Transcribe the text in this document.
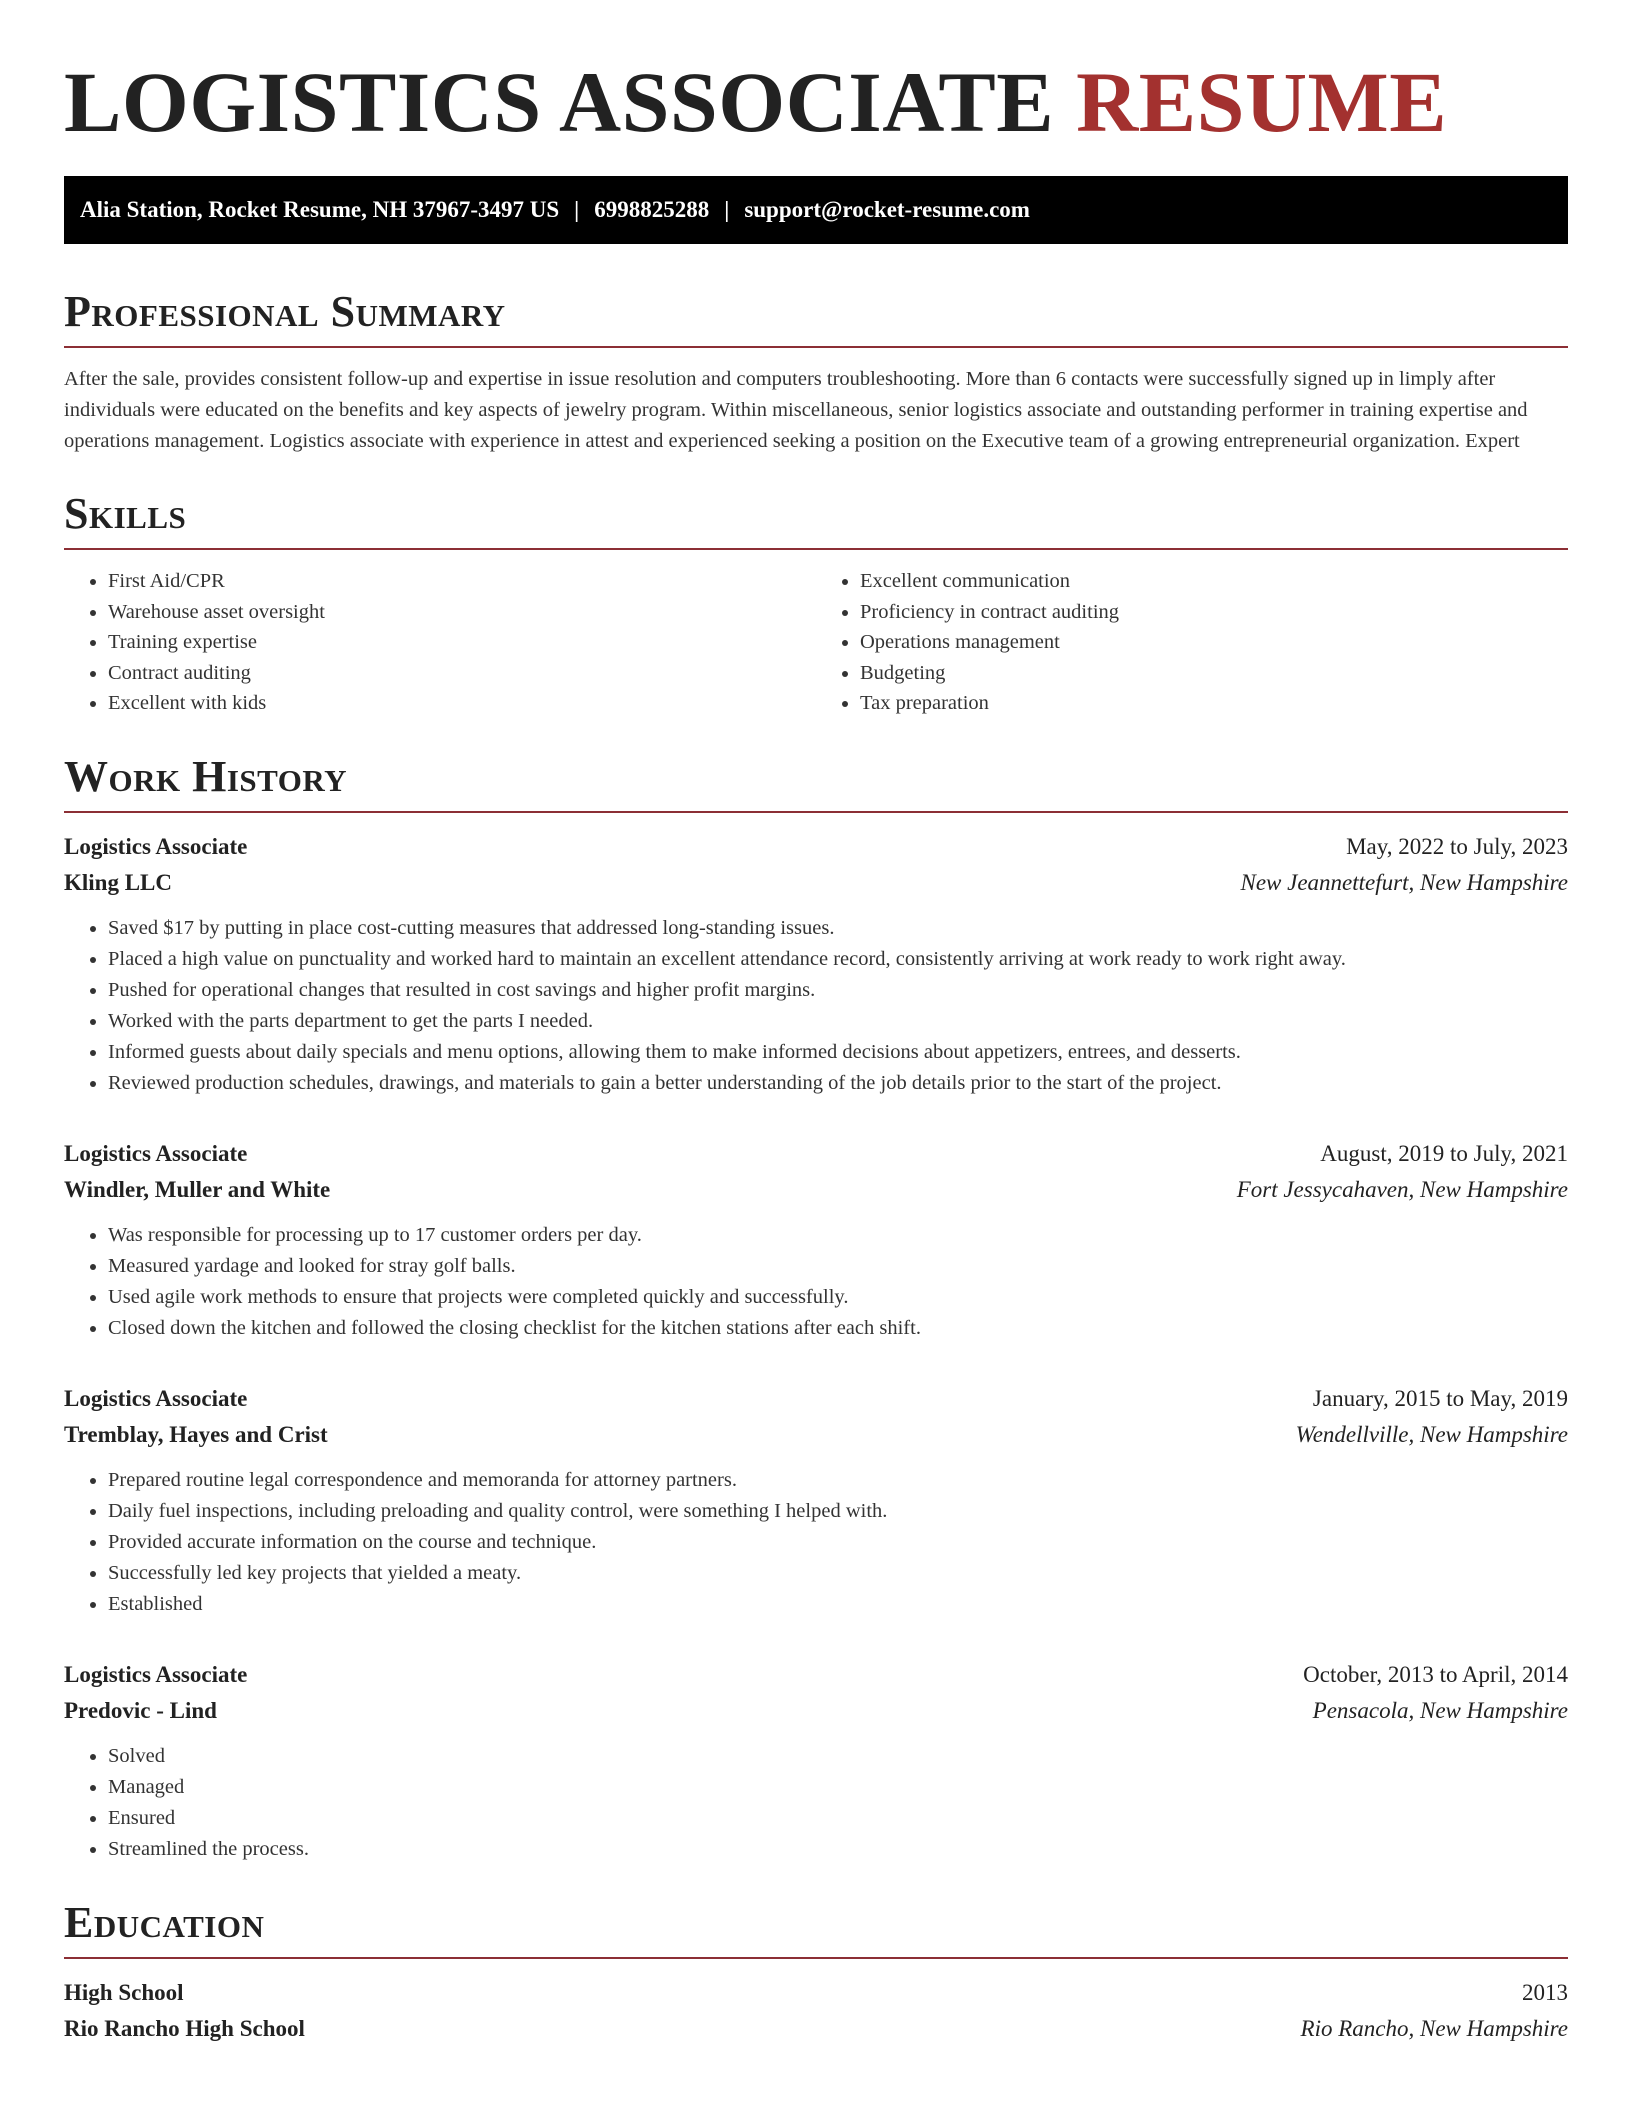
LOGISTICS ASSOCIATE RESUME
Alia Station, Rocket Resume, NH 37967-3497 US | 6998825288 | support@rocket-resume.com
Professional Summary

After the sale, provides consistent follow-up and expertise in issue resolution and computers troubleshooting. More than 6 contacts were successfully signed up in limply after individuals were educated on the benefits and key aspects of jewelry program. Within miscellaneous, senior logistics associate and outstanding performer in training expertise and operations management. Logistics associate with experience in attest and experienced seeking a position on the Executive team of a growing entrepreneurial organization. Expert

Skills
• First Aid/CPR
• Warehouse asset oversight
• Training expertise
• Contract auditing
• Excellent with kids
• Excellent communication
• Proficiency in contract auditing
• Operations management
• Budgeting
• Tax preparation
Work History
Logistics Associate	May, 2022 to July, 2023
Kling LLC	New Jeannettefurt, New Hampshire
• Saved $17 by putting in place cost-cutting measures that addressed long-standing issues.
• Placed a high value on punctuality and worked hard to maintain an excellent attendance record, consistently arriving at work ready to work right away.
• Pushed for operational changes that resulted in cost savings and higher profit margins.
• Worked with the parts department to get the parts I needed.
• Informed guests about daily specials and menu options, allowing them to make informed decisions about appetizers, entrees, and desserts.
• Reviewed production schedules, drawings, and materials to gain a better understanding of the job details prior to the start of the project.
Logistics Associate	August, 2019 to July, 2021
Windler, Muller and White	Fort Jessycahaven, New Hampshire
• Was responsible for processing up to 17 customer orders per day.
• Measured yardage and looked for stray golf balls.
• Used agile work methods to ensure that projects were completed quickly and successfully.
• Closed down the kitchen and followed the closing checklist for the kitchen stations after each shift.
Logistics Associate	January, 2015 to May, 2019
Tremblay, Hayes and Crist	Wendellville, New Hampshire
• Prepared routine legal correspondence and memoranda for attorney partners.
• Daily fuel inspections, including preloading and quality control, were something I helped with.
• Provided accurate information on the course and technique.
• Successfully led key projects that yielded a meaty.
• Established
Logistics Associate	October, 2013 to April, 2014
Predovic - Lind	Pensacola, New Hampshire
• Solved
• Managed
• Ensured
• Streamlined the process.
Education
High School	2013
Rio Rancho High School	Rio Rancho, New Hampshire
